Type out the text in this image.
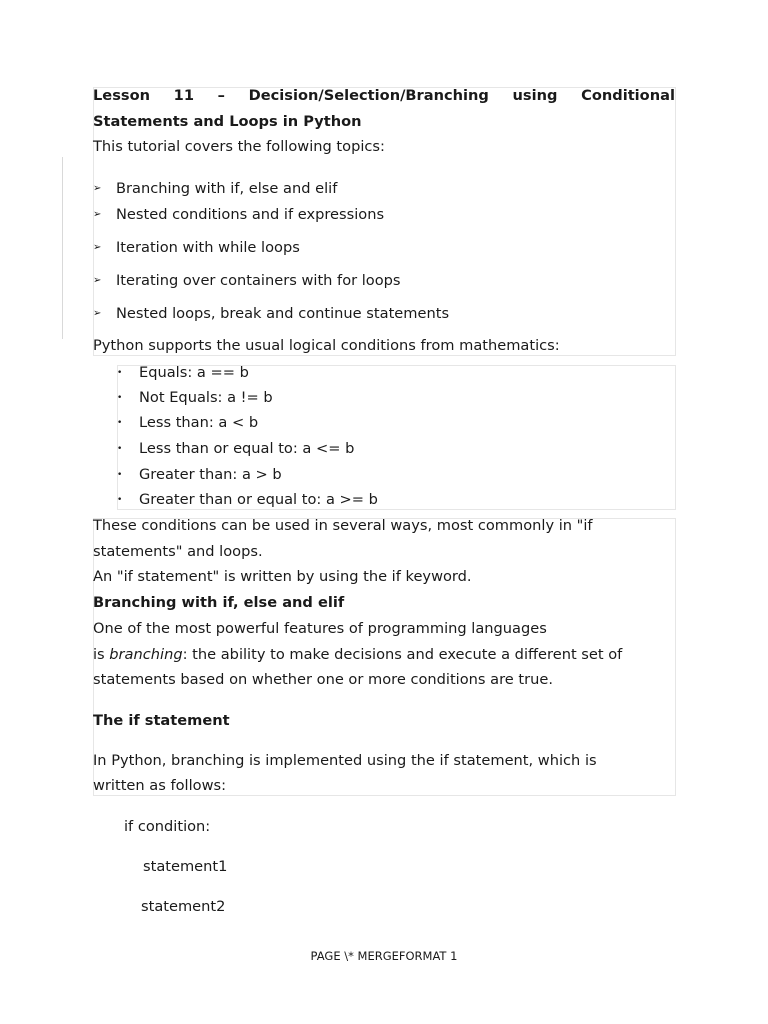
Lesson 11 – Decision/Selection/Branching using Conditional
Statements and Loops in Python
This tutorial covers the following topics:
➢ Branching with if, else and elif
➢ Nested conditions and if expressions
➢ Iteration with while loops
➢ Iterating over containers with for loops
➢ Nested loops, break and continue statements
Python supports the usual logical conditions from mathematics:
• Equals: a == b
• Not Equals: a != b
• Less than: a < b
• Less than or equal to: a <= b
• Greater than: a > b
• Greater than or equal to: a >= b
These conditions can be used in several ways, most commonly in "if
statements" and loops.
An "if statement" is written by using the if keyword.
Branching with if, else and elif
One of the most powerful features of programming languages
is branching: the ability to make decisions and execute a different set of
statements based on whether one or more conditions are true.
The if statement
In Python, branching is implemented using the if statement, which is
written as follows:
if condition:
statement1
statement2
PAGE \* MERGEFORMAT 1
